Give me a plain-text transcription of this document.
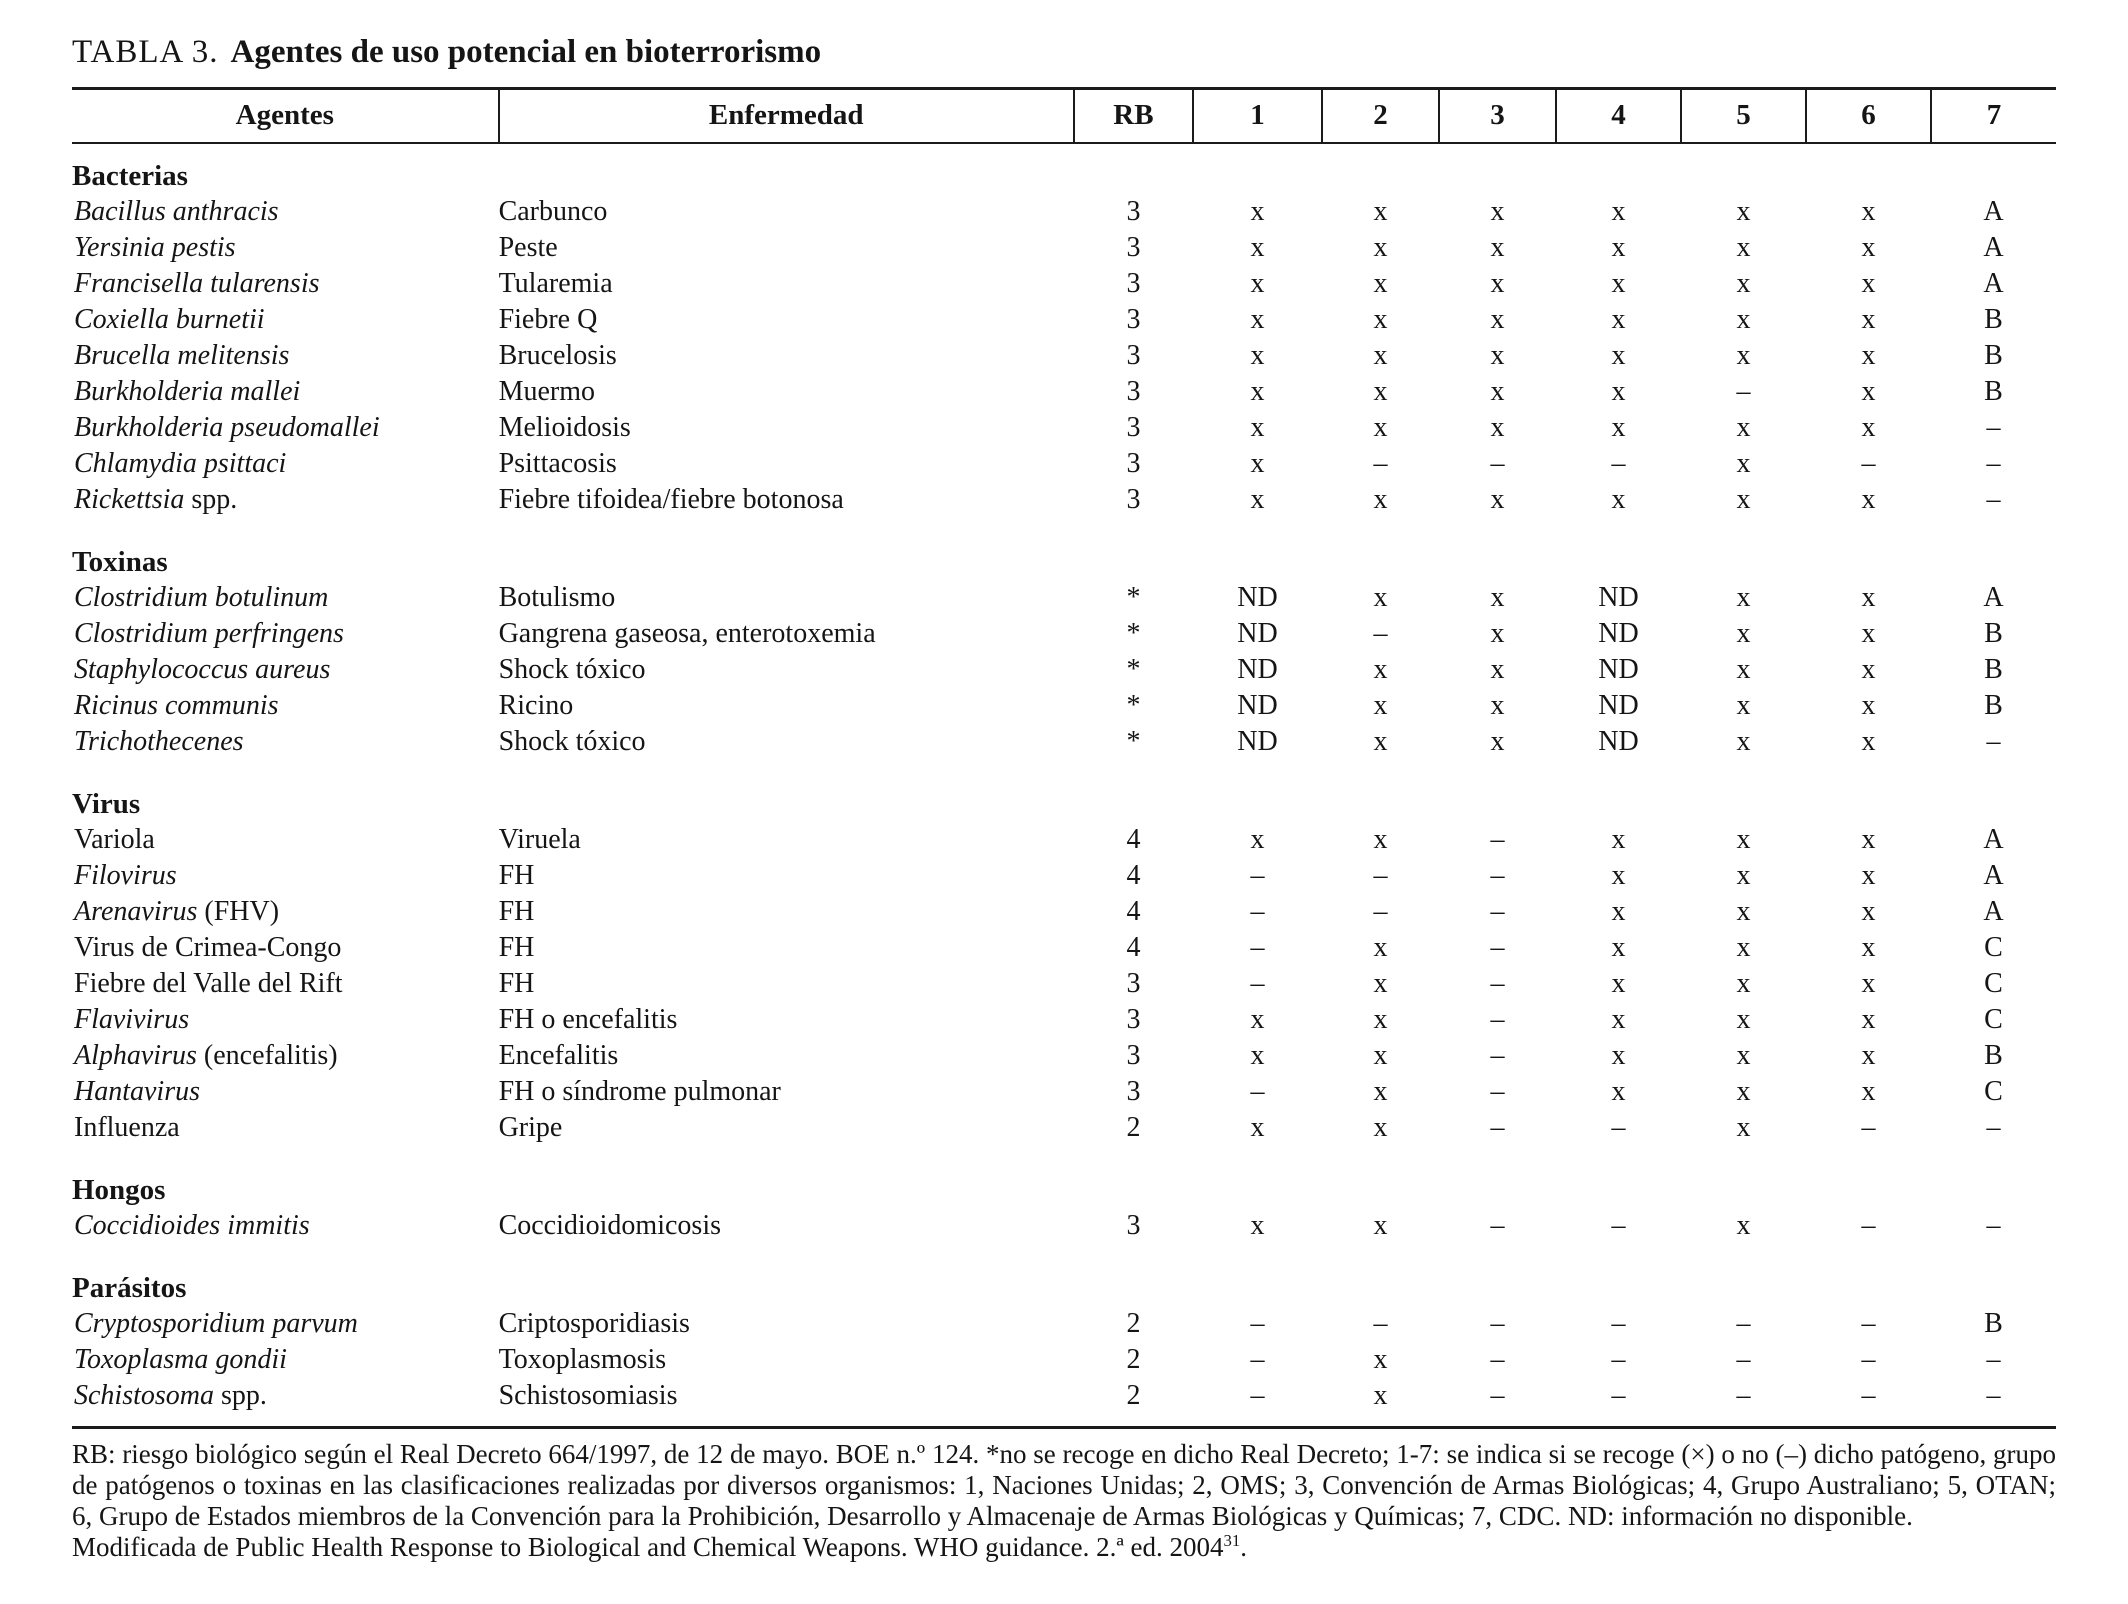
TABLA 3. Agentes de uso potencial en bioterrorismo
Agentes	Enfermedad	RB	1	2	3	4	5	6	7
Bacterias									
Bacillus anthracis	Carbunco	3	x	x	x	x	x	x	A
Yersinia pestis	Peste	3	x	x	x	x	x	x	A
Francisella tularensis	Tularemia	3	x	x	x	x	x	x	A
Coxiella burnetii	Fiebre Q	3	x	x	x	x	x	x	B
Brucella melitensis	Brucelosis	3	x	x	x	x	x	x	B
Burkholderia mallei	Muermo	3	x	x	x	x	–	x	B
Burkholderia pseudomallei	Melioidosis	3	x	x	x	x	x	x	–
Chlamydia psittaci	Psittacosis	3	x	–	–	–	x	–	–
Rickettsia spp.	Fiebre tifoidea/fiebre botonosa	3	x	x	x	x	x	x	–
Toxinas									
Clostridium botulinum	Botulismo	*	ND	x	x	ND	x	x	A
Clostridium perfringens	Gangrena gaseosa, enterotoxemia	*	ND	–	x	ND	x	x	B
Staphylococcus aureus	Shock tóxico	*	ND	x	x	ND	x	x	B
Ricinus communis	Ricino	*	ND	x	x	ND	x	x	B
Trichothecenes	Shock tóxico	*	ND	x	x	ND	x	x	–
Virus									
Variola	Viruela	4	x	x	–	x	x	x	A
Filovirus	FH	4	–	–	–	x	x	x	A
Arenavirus (FHV)	FH	4	–	–	–	x	x	x	A
Virus de Crimea-Congo	FH	4	–	x	–	x	x	x	C
Fiebre del Valle del Rift	FH	3	–	x	–	x	x	x	C
Flavivirus	FH o encefalitis	3	x	x	–	x	x	x	C
Alphavirus (encefalitis)	Encefalitis	3	x	x	–	x	x	x	B
Hantavirus	FH o síndrome pulmonar	3	–	x	–	x	x	x	C
Influenza	Gripe	2	x	x	–	–	x	–	–
Hongos									
Coccidioides immitis	Coccidioidomicosis	3	x	x	–	–	x	–	–
Parásitos									
Cryptosporidium parvum	Criptosporidiasis	2	–	–	–	–	–	–	B
Toxoplasma gondii	Toxoplasmosis	2	–	x	–	–	–	–	–
Schistosoma spp.	Schistosomiasis	2	–	x	–	–	–	–	–
RB: riesgo biológico según el Real Decreto 664/1997, de 12 de mayo. BOE n.º 124. *no se recoge en dicho Real Decreto; 1-7: se indica si se recoge (×) o no (–) dicho patógeno, grupo de patógenos o toxinas en las clasificaciones realizadas por diversos organismos: 1, Naciones Unidas; 2, OMS; 3, Convención de Armas Biológicas; 4, Grupo Australiano; 5, OTAN; 6, Grupo de Estados miembros de la Convención para la Prohibición, Desarrollo y Almacenaje de Armas Biológicas y Químicas; 7, CDC. ND: información no disponible.
Modificada de Public Health Response to Biological and Chemical Weapons. WHO guidance. 2.ª ed. 2004$^{31}$.
